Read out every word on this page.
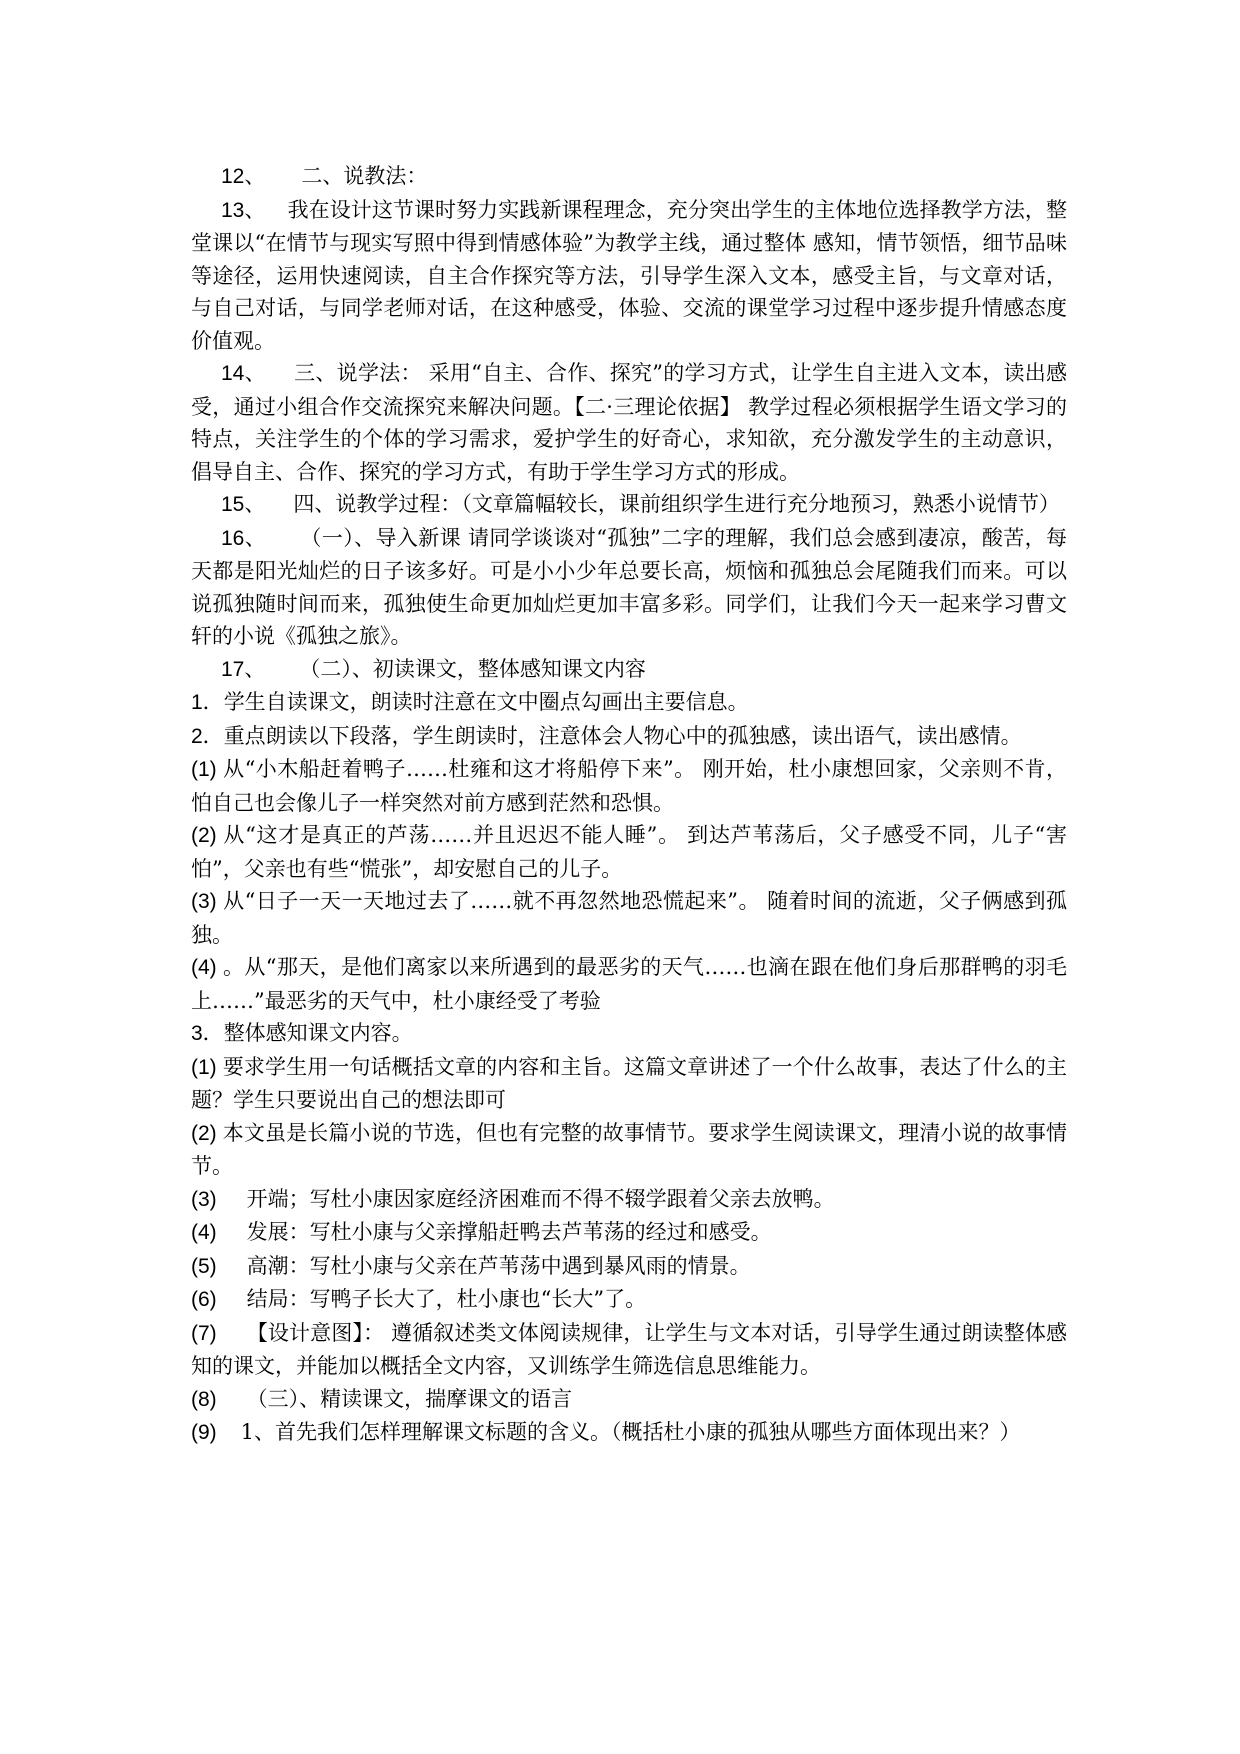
12、 二、说教法：

13、 我在设计这节课时努力实践新课程理念，充分突出学生的主体地位选择教学方法，整堂课以“在情节与现实写照中得到情感体验”为教学主线，通过整体 感知，情节领悟，细节品味等途径，运用快速阅读，自主合作探究等方法，引导学生深入文本，感受主旨，与文章对话，与自己对话，与同学老师对话，在这种感受，体验、交流的课堂学习过程中逐步提升情感态度价值观。

14、 三、说学法： 采用“自主、合作、探究”的学习方式，让学生自主进入文本，读出感受，通过小组合作交流探究来解决问题。【二·三理论依据】 教学过程必须根据学生语文学习的特点，关注学生的个体的学习需求，爱护学生的好奇心，求知欲，充分激发学生的主动意识，倡导自主、合作、探究的学习方式，有助于学生学习方式的形成。

15、 四、说教学过程：（文章篇幅较长，课前组织学生进行充分地预习，熟悉小说情节）

16、 （一）、导入新课 请同学谈谈对“孤独”二字的理解，我们总会感到凄凉，酸苦，每天都是阳光灿烂的日子该多好。可是小小少年总要长高，烦恼和孤独总会尾随我们而来。可以说孤独随时间而来，孤独使生命更加灿烂更加丰富多彩。同学们，让我们今天一起来学习曹文轩的小说《孤独之旅》。

17、 （二）、初读课文，整体感知课文内容

1．学生自读课文，朗读时注意在文中圈点勾画出主要信息。

2．重点朗读以下段落，学生朗读时，注意体会人物心中的孤独感，读出语气，读出感情。

(1) 从“小木船赶着鸭子……杜雍和这才将船停下来”。 刚开始，杜小康想回家，父亲则不肯，怕自己也会像儿子一样突然对前方感到茫然和恐惧。

(2) 从“这才是真正的芦荡……并且迟迟不能人睡”。 到达芦苇荡后，父子感受不同，儿子“害怕”，父亲也有些“慌张”，却安慰自己的儿子。

(3) 从“日子一天一天地过去了……就不再忽然地恐慌起来”。 随着时间的流逝，父子俩感到孤独。

(4) 。从“那天，是他们离家以来所遇到的最恶劣的天气……也滴在跟在他们身后那群鸭的羽毛上……”最恶劣的天气中，杜小康经受了考验

3．整体感知课文内容。

(1) 要求学生用一句话概括文章的内容和主旨。这篇文章讲述了一个什么故事，表达了什么的主题？学生只要说出自己的想法即可

(2) 本文虽是长篇小说的节选，但也有完整的故事情节。要求学生阅读课文，理清小说的故事情节。

(3) 开端；写杜小康因家庭经济困难而不得不辍学跟着父亲去放鸭。

(4) 发展：写杜小康与父亲撑船赶鸭去芦苇荡的经过和感受。

(5) 高潮：写杜小康与父亲在芦苇荡中遇到暴风雨的情景。

(6) 结局：写鸭子长大了，杜小康也“长大”了。

(7) 【设计意图】： 遵循叙述类文体阅读规律，让学生与文本对话，引导学生通过朗读整体感知的课文，并能加以概括全文内容，又训练学生筛选信息思维能力。

(8) （三）、精读课文，揣摩课文的语言

(9) 1、首先我们怎样理解课文标题的含义。（概括杜小康的孤独从哪些方面体现出来？）
